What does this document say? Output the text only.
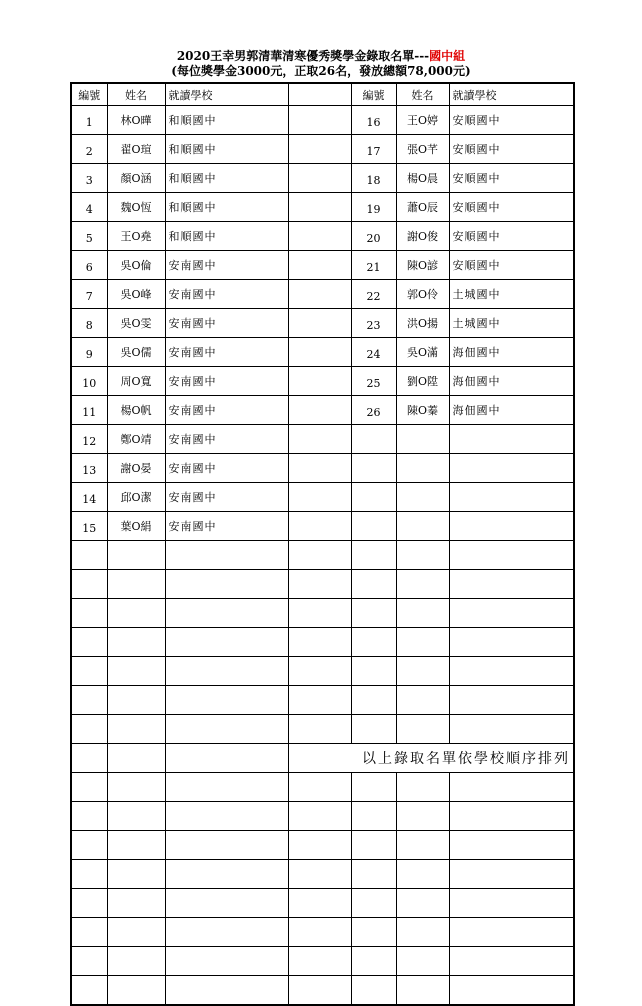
2020王幸男郭清華清寒優秀獎學金錄取名單---國中組
(每位獎學金3000元，正取26名，發放總額78,000元)
編號	姓名	就讀學校		編號	姓名	就讀學校
1	林O曄	和順國中		16	王O婷	安順國中
2	翟O瑄	和順國中		17	張O芊	安順國中
3	顏O涵	和順國中		18	楊O晨	安順國中
4	魏O恆	和順國中		19	蕭O辰	安順國中
5	王O堯	和順國中		20	謝O俊	安順國中
6	吳O倫	安南國中		21	陳O諺	安順國中
7	吳O峰	安南國中		22	郭O伶	土城國中
8	吳O雯	安南國中		23	洪O揚	土城國中
9	吳O儒	安南國中		24	吳O滿	海佃國中
10	周O寬	安南國中		25	劉O陞	海佃國中
11	楊O帆	安南國中		26	陳O蓁	海佃國中
12	鄭O靖	安南國中				
13	謝O晏	安南國中				
14	邱O潔	安南國中				
15	葉O絹	安南國中				

			以上錄取名單依學校順序排列			
